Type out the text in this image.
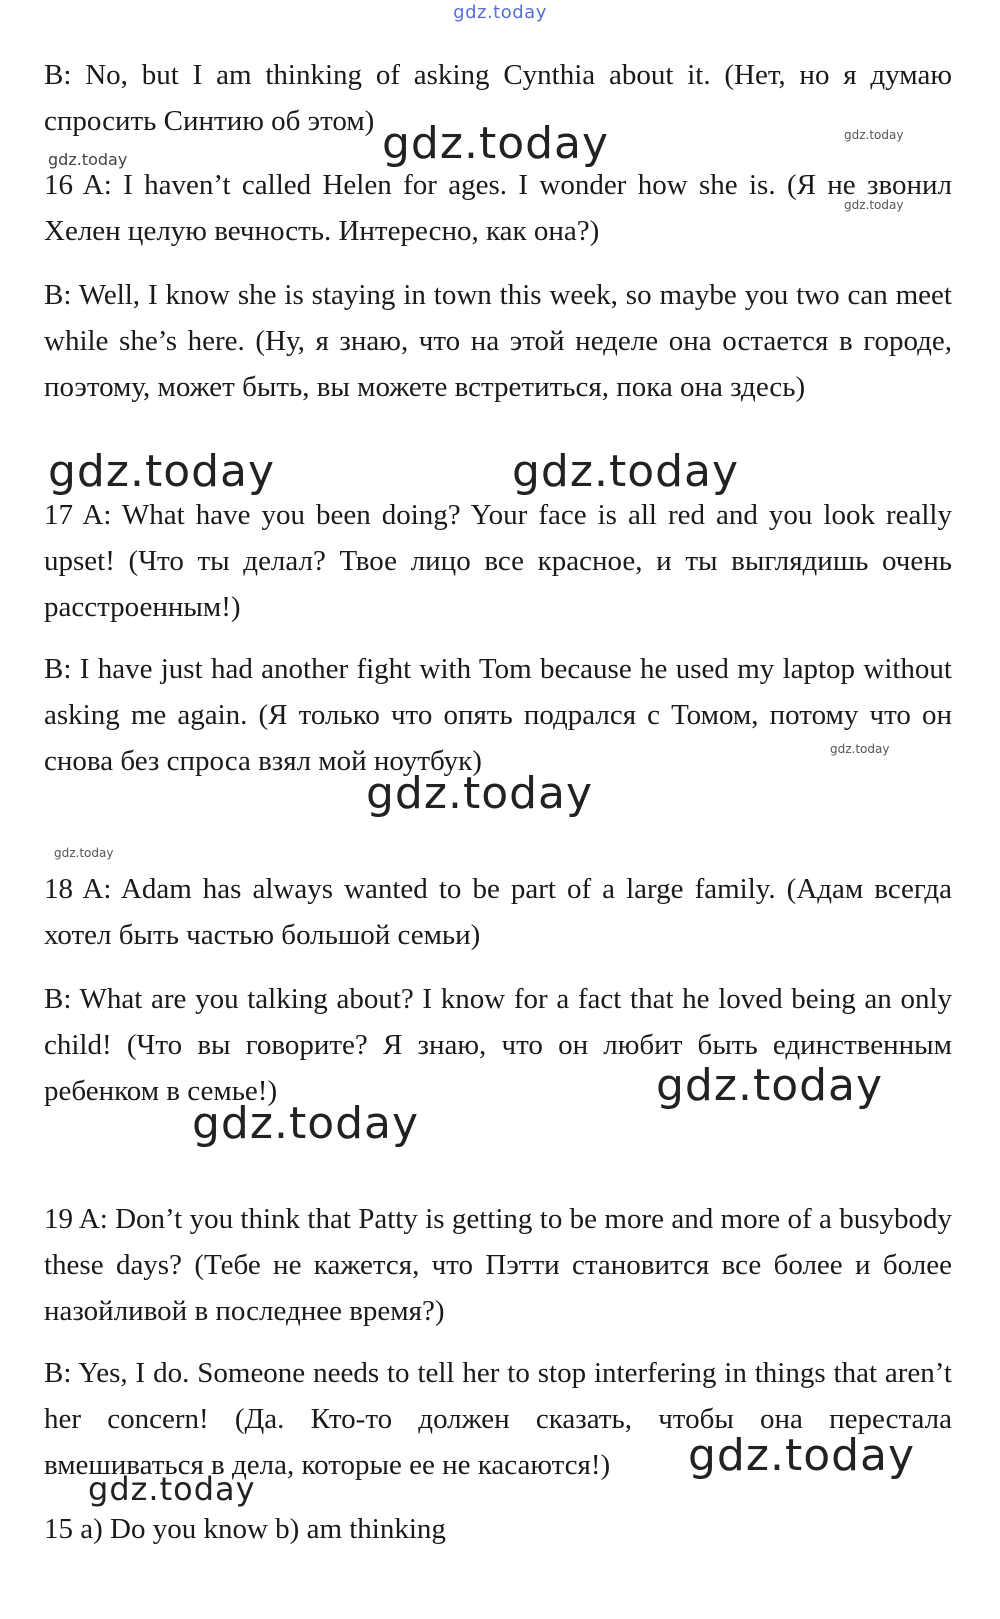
gdz.today

B: No, but I am thinking of asking Cynthia about it. (Нет, но я думаю спросить Синтию об этом)

16 A: I haven’t called Helen for ages. I wonder how she is. (Я не звонил Хелен целую вечность. Интересно, как она?)

B: Well, I know she is staying in town this week, so maybe you two can meet while she’s here. (Ну, я знаю, что на этой неделе она остается в городе, поэтому, может быть, вы можете встретиться, пока она здесь)

17 A: What have you been doing? Your face is all red and you look really upset! (Что ты делал? Твое лицо все красное, и ты выглядишь очень расстроенным!)

B: I have just had another fight with Tom because he used my laptop without asking me again. (Я только что опять подрался с Томом, потому что он снова без спроса взял мой ноутбук)

18 A: Adam has always wanted to be part of a large family. (Адам всегда хотел быть частью большой семьи)

B: What are you talking about? I know for a fact that he loved being an only child! (Что вы говорите? Я знаю, что он любит быть единственным ребенком в семье!)

19 A: Don’t you think that Patty is getting to be more and more of a busybody these days? (Тебе не кажется, что Пэтти становится все более и более назойливой в последнее время?)

B: Yes, I do. Someone needs to tell her to stop interfering in things that aren’t her concern! (Да. Кто-то должен сказать, чтобы она перестала вмешиваться в дела, которые ее не касаются!)

15 a) Do you know b) am thinking

gdz.today
gdz.today
gdz.today
gdz.today
gdz.today	gdz.today
gdz.today
gdz.today
gdz.today
gdz.today
gdz.today
gdz.today
gdz.today
